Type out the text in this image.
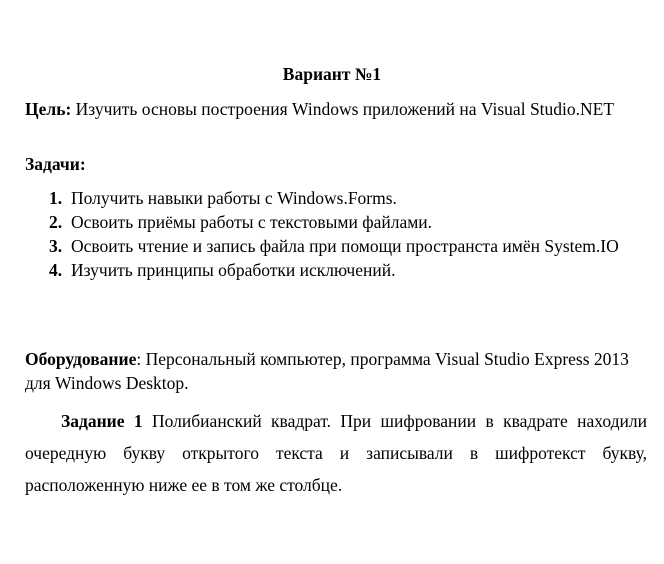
Вариант №1
Цель: Изучить основы построения Windows приложений на Visual Studio.NET
Задачи:
1. Получить навыки работы с Windows.Forms.
2. Освоить приёмы работы с текстовыми файлами.
3. Освоить чтение и запись файла при помощи пространста имён System.IO
4. Изучить принципы обработки исключений.
Оборудование: Персональный компьютер, программа Visual Studio Express 2013 для Windows Desktop.
Задание 1 Полибианский квадрат. При шифровании в квадрате находили очередную букву открытого текста и записывали в шифротекст букву, расположенную ниже ее в том же столбце.
